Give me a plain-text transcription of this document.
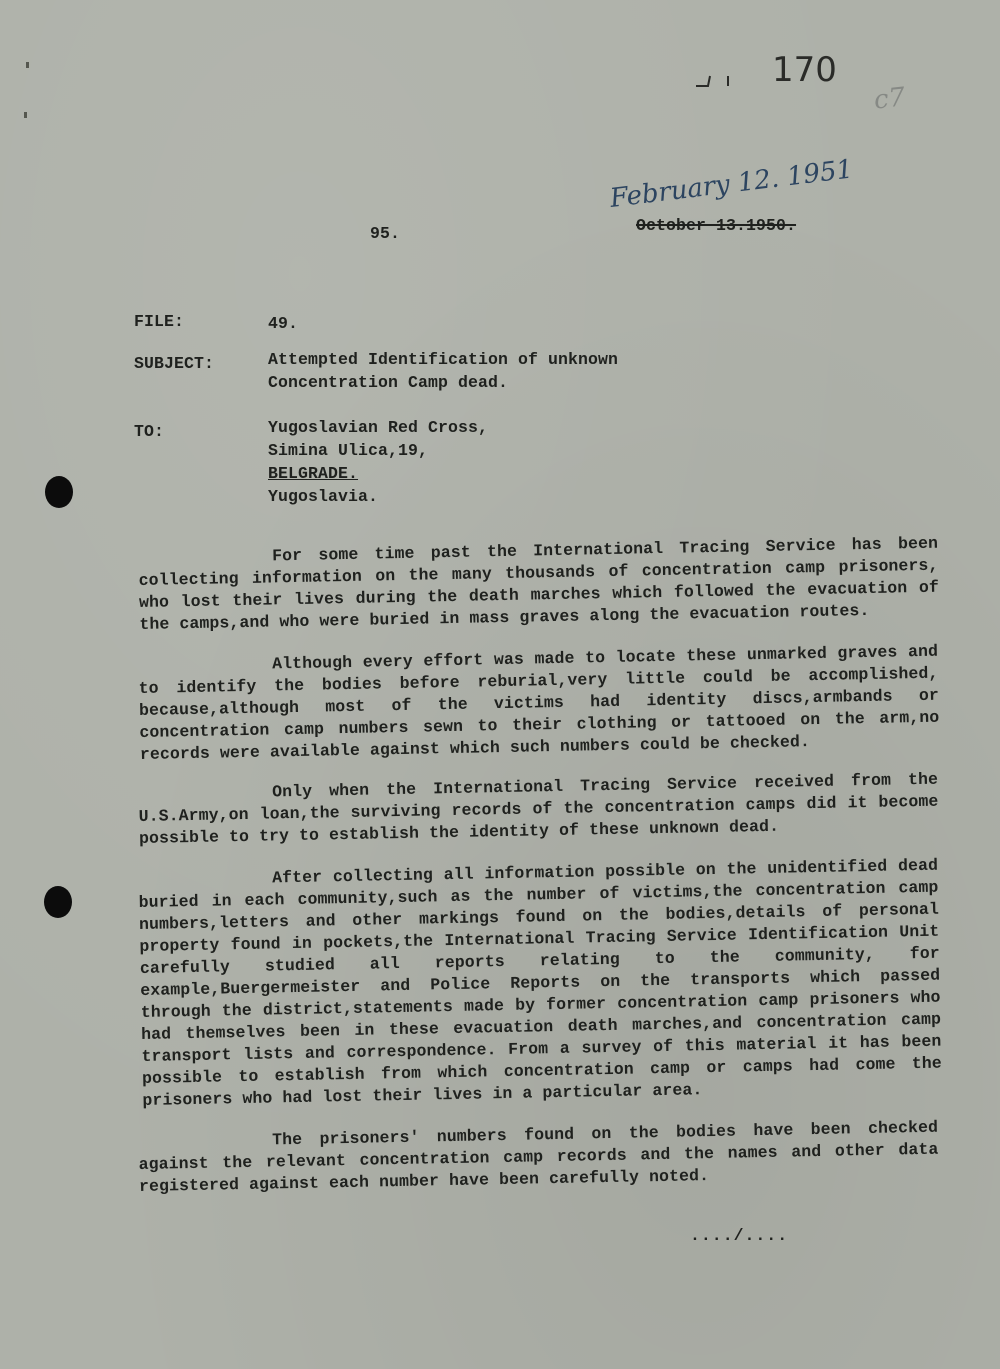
170
c7
February 12. 1951
October 13.1950.
95.
FILE:	49.
SUBJECT:	Attempted Identification of unknown
Concentration Camp dead.
TO:	Yugoslavian Red Cross,
Simina Ulica,19,
BELGRADE.
Yugoslavia.

For some time past the International Tracing Service has been collecting information on the many thousands of concentration camp prisoners, who lost their lives during the death marches which followed the evacuation of the camps,and who were buried in mass graves along the evacuation routes.

Although every effort was made to locate these unmarked graves and to identify the bodies before reburial,very little could be accomplished, because,although most of the victims had identity discs,armbands or concentration camp numbers sewn to their clothing or tattooed on the arm,no records were available against which such numbers could be checked.

Only when the International Tracing Service received from the U.S.Army,on loan,the surviving records of the concentration camps did it become possible to try to establish the identity of these unknown dead.

After collecting all information possible on the unidentified dead buried in each community,such as the number of victims,the concentration camp numbers,letters and other markings found on the bodies,details of personal property found in pockets,the International Tracing Service Identification Unit carefully studied all reports relating to the community, for example,Buergermeister and Police Reports on the transports which passed through the district,statements made by former concentration camp prisoners who had themselves been in these evacuation death marches,and concentration camp transport lists and correspondence. From a survey of this material it has been possible to establish from which concentration camp or camps had come the prisoners who had lost their lives in a particular area.

The prisoners' numbers found on the bodies have been checked against the relevant concentration camp records and the names and other data registered against each number have been carefully noted.

..../....
